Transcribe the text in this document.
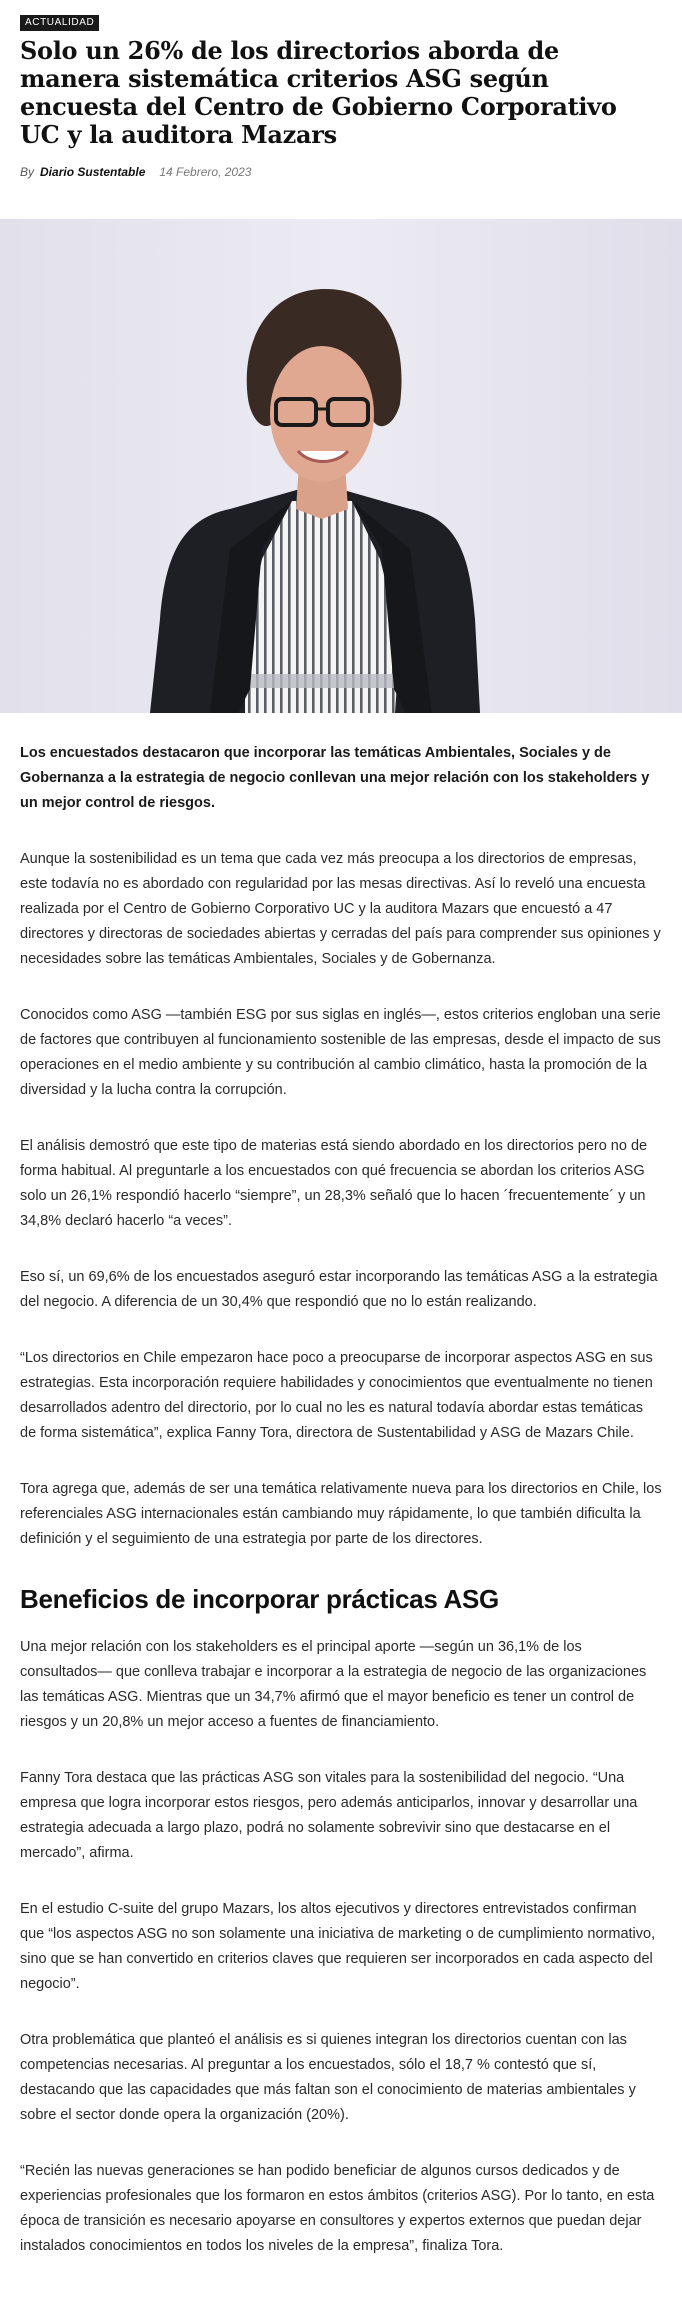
ACTUALIDAD
Solo un 26% de los directorios aborda de manera sistemática criterios ASG según encuesta del Centro de Gobierno Corporativo UC y la auditora Mazars
By Diario Sustentable 14 Febrero, 2023

Los encuestados destacaron que incorporar las temáticas Ambientales, Sociales y de Gobernanza a la estrategia de negocio conllevan una mejor relación con los stakeholders y un mejor control de riesgos.

Aunque la sostenibilidad es un tema que cada vez más preocupa a los directorios de empresas, este todavía no es abordado con regularidad por las mesas directivas. Así lo reveló una encuesta realizada por el Centro de Gobierno Corporativo UC y la auditora Mazars que encuestó a 47 directores y directoras de sociedades abiertas y cerradas del país para comprender sus opiniones y necesidades sobre las temáticas Ambientales, Sociales y de Gobernanza.

Conocidos como ASG —también ESG por sus siglas en inglés—, estos criterios engloban una serie de factores que contribuyen al funcionamiento sostenible de las empresas, desde el impacto de sus operaciones en el medio ambiente y su contribución al cambio climático, hasta la promoción de la diversidad y la lucha contra la corrupción.

El análisis demostró que este tipo de materias está siendo abordado en los directorios pero no de forma habitual. Al preguntarle a los encuestados con qué frecuencia se abordan los criterios ASG solo un 26,1% respondió hacerlo “siempre”, un 28,3% señaló que lo hacen ´frecuentemente´ y un 34,8% declaró hacerlo “a veces”.

Eso sí, un 69,6% de los encuestados aseguró estar incorporando las temáticas ASG a la estrategia del negocio. A diferencia de un 30,4% que respondió que no lo están realizando.

“Los directorios en Chile empezaron hace poco a preocuparse de incorporar aspectos ASG en sus estrategias. Esta incorporación requiere habilidades y conocimientos que eventualmente no tienen desarrollados adentro del directorio, por lo cual no les es natural todavía abordar estas temáticas de forma sistemática”, explica Fanny Tora, directora de Sustentabilidad y ASG de Mazars Chile.

Tora agrega que, además de ser una temática relativamente nueva para los directorios en Chile, los referenciales ASG internacionales están cambiando muy rápidamente, lo que también dificulta la definición y el seguimiento de una estrategia por parte de los directores.

Beneficios de incorporar prácticas ASG

Una mejor relación con los stakeholders es el principal aporte —según un 36,1% de los consultados— que conlleva trabajar e incorporar a la estrategia de negocio de las organizaciones las temáticas ASG. Mientras que un 34,7% afirmó que el mayor beneficio es tener un control de riesgos y un 20,8% un mejor acceso a fuentes de financiamiento.

Fanny Tora destaca que las prácticas ASG son vitales para la sostenibilidad del negocio. “Una empresa que logra incorporar estos riesgos, pero además anticiparlos, innovar y desarrollar una estrategia adecuada a largo plazo, podrá no solamente sobrevivir sino que destacarse en el mercado”, afirma.

En el estudio C-suite del grupo Mazars, los altos ejecutivos y directores entrevistados confirman que “los aspectos ASG no son solamente una iniciativa de marketing o de cumplimiento normativo, sino que se han convertido en criterios claves que requieren ser incorporados en cada aspecto del negocio”.

Otra problemática que planteó el análisis es si quienes integran los directorios cuentan con las competencias necesarias. Al preguntar a los encuestados, sólo el 18,7 % contestó que sí, destacando que las capacidades que más faltan son el conocimiento de materias ambientales y sobre el sector donde opera la organización (20%).

“Recién las nuevas generaciones se han podido beneficiar de algunos cursos dedicados y de experiencias profesionales que los formaron en estos ámbitos (criterios ASG). Por lo tanto, en esta época de transición es necesario apoyarse en consultores y expertos externos que puedan dejar instalados conocimientos en todos los niveles de la empresa”, finaliza Tora.
